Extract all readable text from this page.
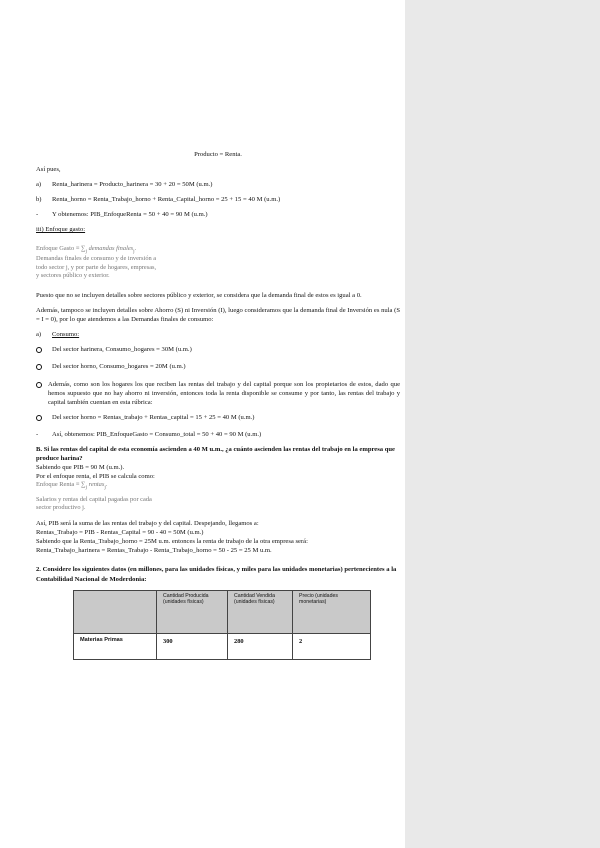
Producto = Renta.

Así pues,

a)	Renta_harinera = Producto_harinera = 30 + 20 = 50M (u.m.)
b)	Renta_horno = Renta_Trabajo_horno + Renta_Capital_horno = 25 + 15 = 40 M (u.m.)
-	Y obtenemos: PIB_EnfoqueRenta = 50 + 40 = 90 M (u.m.)

iii) Enfoque gasto:

Enfoque Gasto ≡ $\sum_j$ demandas finales$_j$.
Demandas finales de consumo y de inversión a
todo sector j, y por parte de hogares, empresas,
y sectores público y exterior.

Puesto que no se incluyen detalles sobre sectores público y exterior, se considera que la demanda final de estos es igual a 0.

Además, tampoco se incluyen detalles sobre Ahorro (S) ni Inversión (I), luego consideramos que la demanda final de Inversión es nula (S = I = 0), por lo que atendemos a las Demandas finales de consumo:

a)	Consumo:
Del sector harinera, Consumo_hogares = 30M (u.m.)
Del sector horno, Consumo_hogares = 20M (u.m.)
Además, como son los hogares los que reciben las rentas del trabajo y del capital porque son los propietarios de estos, dado que hemos supuesto que no hay ahorro ni inversión, entonces toda la renta disponible se consume y por tanto, las rentas del trabajo y capital también cuentan en esta rúbrica:
Del sector horno = Rentas_trabajo + Rentas_capital = 15 + 25 = 40 M (u.m.)
-	Así, obtenemos: PIB_EnfoqueGasto = Consumo_total = 50 + 40 = 90 M (u.m.)

B. Si las rentas del capital de esta economía ascienden a 40 M u.m., ¿a cuánto ascienden las rentas del trabajo en la empresa que produce harina?

Sabiendo que PIB = 90 M (u.m.).

Por el enfoque renta, el PIB se calcula como:

Enfoque Renta ≡ $\sum_j$ rentas$_j$.
Salarios y rentas del capital pagadas por cada
sector productivo j.

Así, PIB será la suma de las rentas del trabajo y del capital. Despejando, llegamos a:

Rentas_Trabajo = PIB - Rentas_Capital = 90 - 40 = 50M (u.m.)

Sabiendo que la Renta_Trabajo_horno = 25M u.m. entonces la renta de trabajo de la otra empresa será:

Renta_Trabajo_harinera = Rentas_Trabajo - Renta_Trabajo_horno = 50 - 25 = 25 M u.m.

2. Considere los siguientes datos (en millones, para las unidades físicas, y miles para las unidades monetarias) pertenecientes a la Contabilidad Nacional de Moderdonia:

	Cantidad Producida (unidades físicas)	Cantidad Vendida (unidades físicas)	Precio (unidades monetarias)
Materias Primas	300	280	2
